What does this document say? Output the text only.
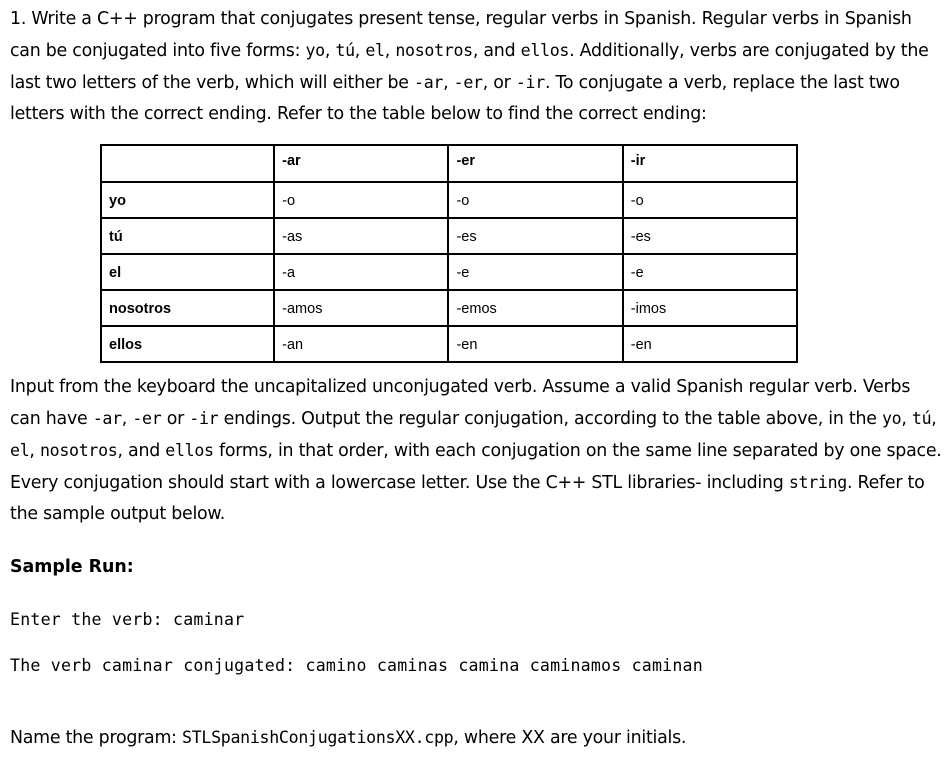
1. Write a C++ program that conjugates present tense, regular verbs in Spanish. Regular verbs in Spanish can be conjugated into five forms: yo, tú, el, nosotros, and ellos. Additionally, verbs are conjugated by the last two letters of the verb, which will either be -ar, -er, or -ir. To conjugate a verb, replace the last two letters with the correct ending. Refer to the table below to find the correct ending:
	-ar	-er	-ir
yo	-o	-o	-o
tú	-as	-es	-es
el	-a	-e	-e
nosotros	-amos	-emos	-imos
ellos	-an	-en	-en
Input from the keyboard the uncapitalized unconjugated verb. Assume a valid Spanish regular verb. Verbs can have -ar, -er or -ir endings. Output the regular conjugation, according to the table above, in the yo, tú, el, nosotros, and ellos forms, in that order, with each conjugation on the same line separated by one space. Every conjugation should start with a lowercase letter. Use the C++ STL libraries- including string. Refer to the sample output below.
Sample Run:
Enter the verb: caminar
The verb caminar conjugated: camino caminas camina caminamos caminan
Name the program: STLSpanishConjugationsXX.cpp, where XX are your initials.
